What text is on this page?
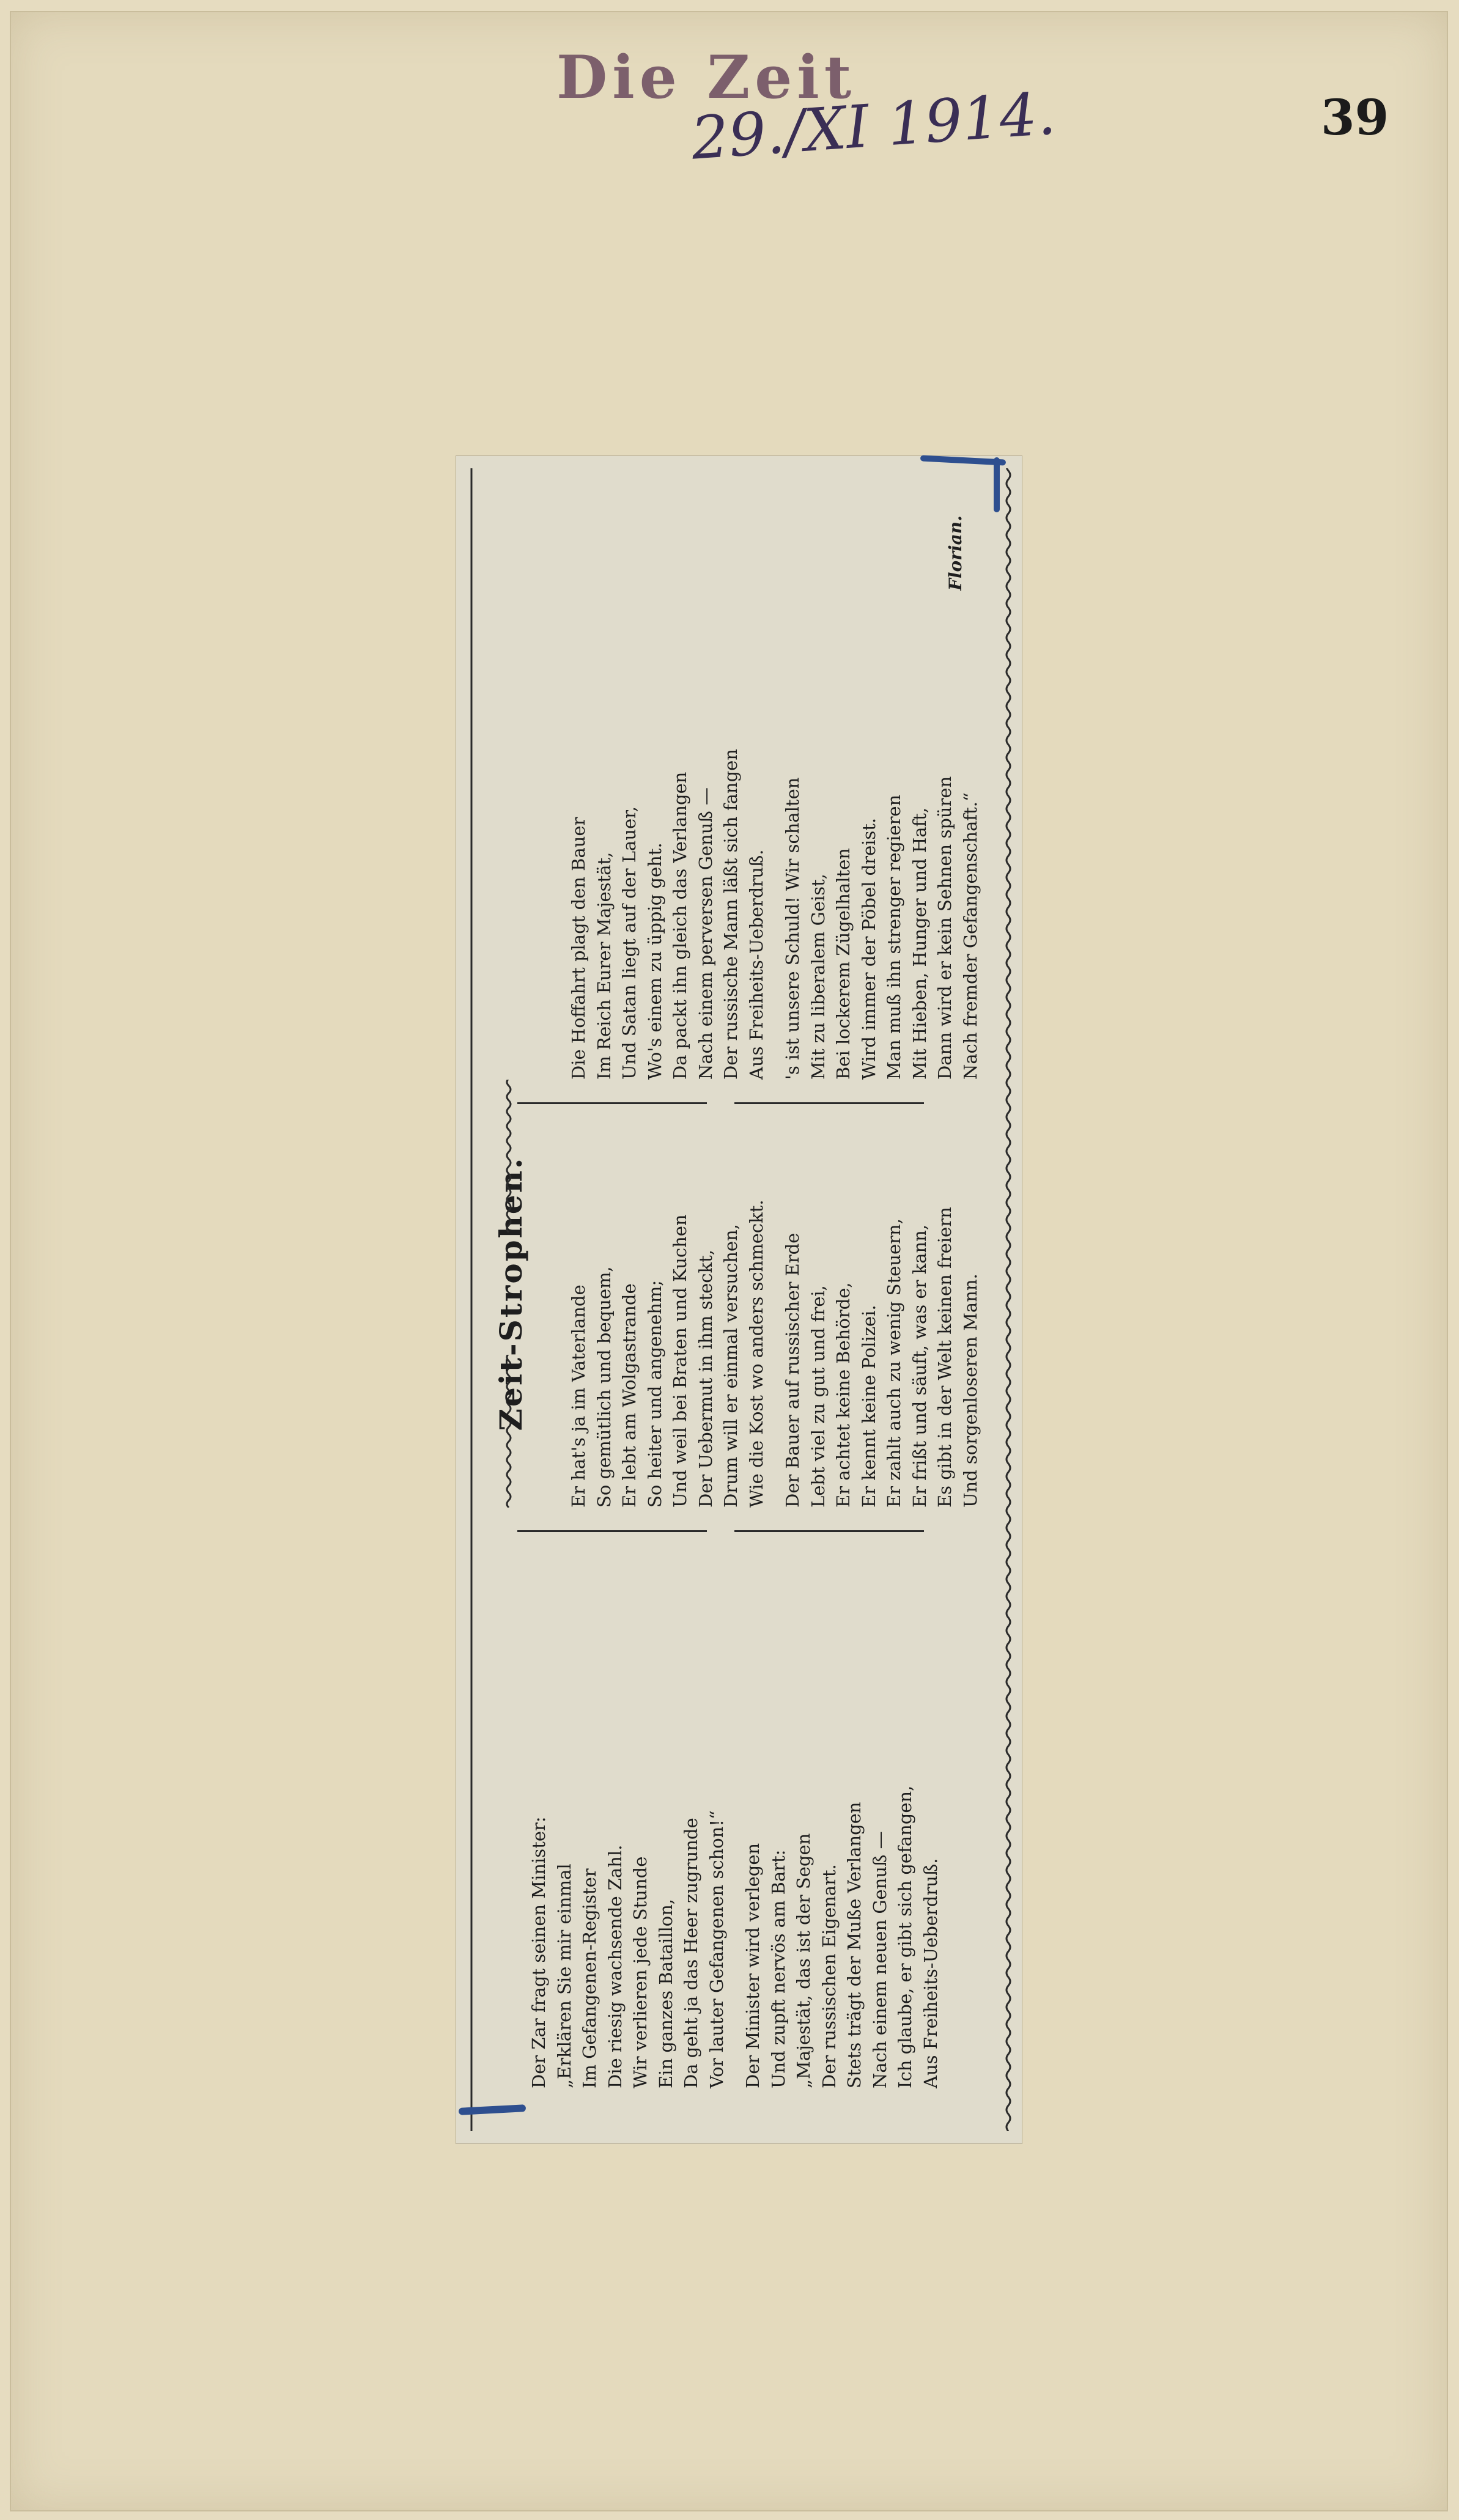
Die Zeit
29./XI 1914.	39
Zeit-Strophen.

Der Zar fragt seinen Minister: „Erklären Sie mir einmal Im Gefangenen-Register Die riesig wachsende Zahl. Wir verlieren jede Stunde Ein ganzes Bataillon, Da geht ja das Heer zugrunde Vor lauter Gefangenen schon!“ Der Minister wird verlegen Und zupft nervös am Bart: „Majestät, das ist der Segen Der russischen Eigenart. Stets trägt der Muße Verlangen Nach einem neuen Genuß — Ich glaube, er gibt sich gefangen, Aus Freiheits-Ueberdruß.

Er hat's ja im Vaterlande So gemütlich und bequem, Er lebt am Wolgastrande So heiter und angenehm; Und weil bei Braten und Kuchen Der Uebermut in ihm steckt, Drum will er einmal versuchen, Wie die Kost wo anders schmeckt. Der Bauer auf russischer Erde Lebt viel zu gut und frei, Er achtet keine Behörde, Er kennt keine Polizei. Er zahlt auch zu wenig Steuern, Er frißt und säuft, was er kann, Es gibt in der Welt keinen freiern Und sorgenloseren Mann.

Die Hoffahrt plagt den Bauer Im Reich Eurer Majestät, Und Satan liegt auf der Lauer, Wo's einem zu üppig geht. Da packt ihn gleich das Verlangen Nach einem perversen Genuß — Der russische Mann läßt sich fangen Aus Freiheits-Ueberdruß. 's ist unsere Schuld! Wir schalten Mit zu liberalem Geist, Bei lockerem Zügelhalten Wird immer der Pöbel dreist. Man muß ihn strenger regieren Mit Hieben, Hunger und Haft, Dann wird er kein Sehnen spüren Nach fremder Gefangenschaft.“

Florian.
